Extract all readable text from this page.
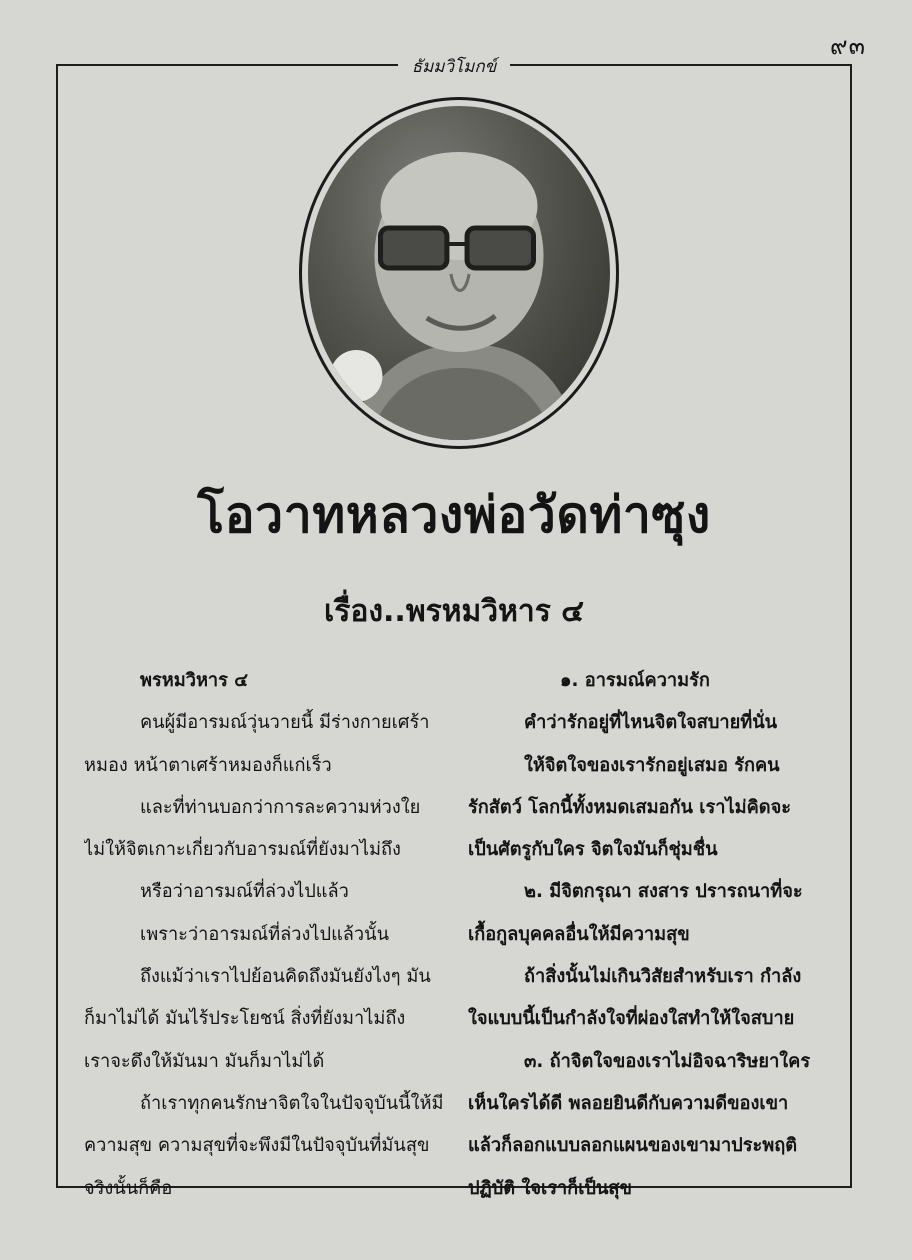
๙๓
ธัมมวิโมกข์
โอวาทหลวงพ่อวัดท่าซุง
เรื่อง..พรหมวิหาร ๔
พรหมวิหาร ๔
คนผู้มีอารมณ์วุ่นวายนี้ มีร่างกายเศร้า
หมอง หน้าตาเศร้าหมองก็แก่เร็ว
และที่ท่านบอกว่าการละความห่วงใย
ไม่ให้จิตเกาะเกี่ยวกับอารมณ์ที่ยังมาไม่ถึง
หรือว่าอารมณ์ที่ล่วงไปแล้ว
เพราะว่าอารมณ์ที่ล่วงไปแล้วนั้น
ถึงแม้ว่าเราไปย้อนคิดถึงมันยังไงๆ มัน
ก็มาไม่ได้ มันไร้ประโยชน์ สิ่งที่ยังมาไม่ถึง
เราจะดึงให้มันมา มันก็มาไม่ได้
ถ้าเราทุกคนรักษาจิตใจในปัจจุบันนี้ให้มี
ความสุข ความสุขที่จะพึงมีในปัจจุบันที่มันสุข
จริงนั้นก็คือ
๑. อารมณ์ความรัก
คำว่ารักอยู่ที่ไหนจิตใจสบายที่นั่น
ให้จิตใจของเรารักอยู่เสมอ รักคน
รักสัตว์ โลกนี้ทั้งหมดเสมอกัน เราไม่คิดจะ
เป็นศัตรูกับใคร จิตใจมันก็ชุ่มชื่น
๒. มีจิตกรุณา สงสาร ปรารถนาที่จะ
เกื้อกูลบุคคลอื่นให้มีความสุข
ถ้าสิ่งนั้นไม่เกินวิสัยสำหรับเรา กำลัง
ใจแบบนี้เป็นกำลังใจที่ผ่องใสทำให้ใจสบาย
๓. ถ้าจิตใจของเราไม่อิจฉาริษยาใคร
เห็นใครได้ดี พลอยยินดีกับความดีของเขา
แล้วก็ลอกแบบลอกแผนของเขามาประพฤติ
ปฏิบัติ ใจเราก็เป็นสุข
